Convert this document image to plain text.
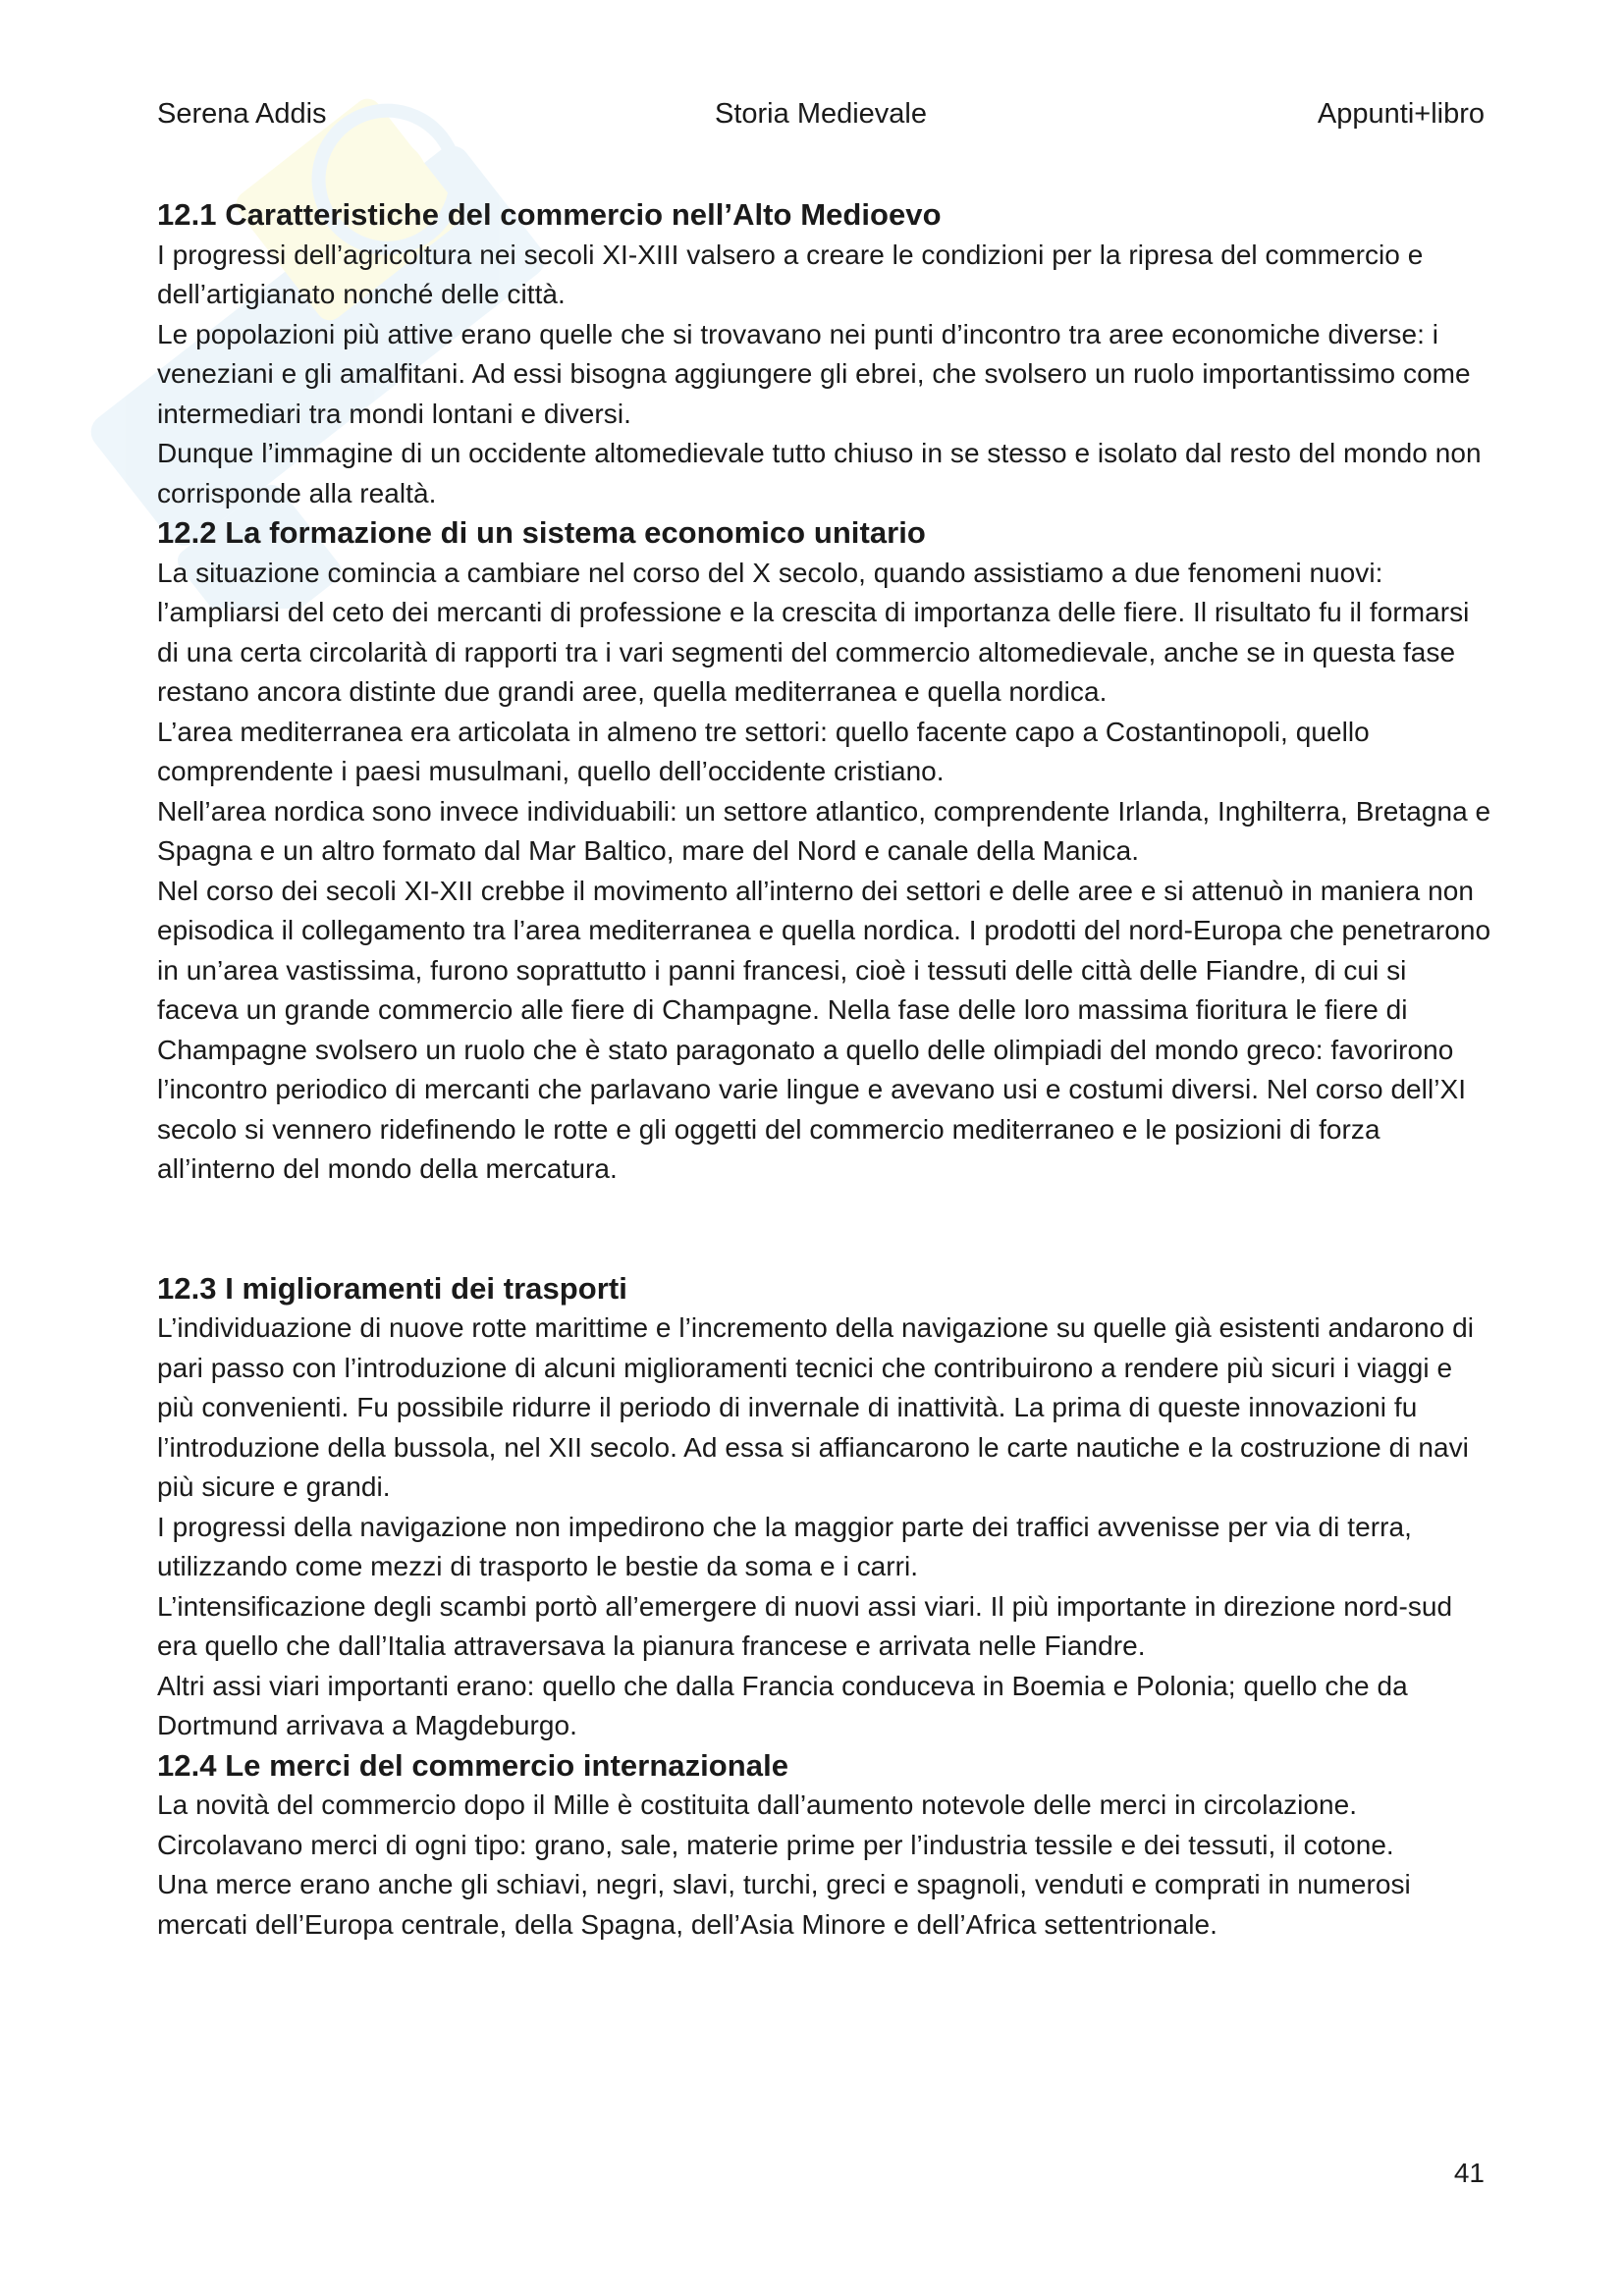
Serena Addis	Storia Medievale	Appunti+libro

12.1 Caratteristiche del commercio nell’Alto Medioevo

I progressi dell’agricoltura nei secoli XI-XIII valsero a creare le condizioni per la ripresa del commercio e dell’artigianato nonché delle città.

Le popolazioni più attive erano quelle che si trovavano nei punti d’incontro tra aree economiche diverse: i veneziani e gli amalfitani. Ad essi bisogna aggiungere gli ebrei, che svolsero un ruolo importantissimo come intermediari tra mondi lontani e diversi.

Dunque l’immagine di un occidente altomedievale tutto chiuso in se stesso e isolato dal resto del mondo non corrisponde alla realtà.

12.2 La formazione di un sistema economico unitario

La situazione comincia a cambiare nel corso del X secolo, quando assistiamo a due fenomeni nuovi: l’ampliarsi del ceto dei mercanti di professione e la crescita di importanza delle fiere. Il risultato fu il formarsi di una certa circolarità di rapporti tra i vari segmenti del commercio altomedievale, anche se in questa fase restano ancora distinte due grandi aree, quella mediterranea e quella nordica.

L’area mediterranea era articolata in almeno tre settori: quello facente capo a Costantinopoli, quello comprendente i paesi musulmani, quello dell’occidente cristiano.

Nell’area nordica sono invece individuabili: un settore atlantico, comprendente Irlanda, Inghilterra, Bretagna e Spagna e un altro formato dal Mar Baltico, mare del Nord e canale della Manica.

Nel corso dei secoli XI-XII crebbe il movimento all’interno dei settori e delle aree e si attenuò in maniera non episodica il collegamento tra l’area mediterranea e quella nordica. I prodotti del nord-Europa che penetrarono in un’area vastissima, furono soprattutto i panni francesi, cioè i tessuti delle città delle Fiandre, di cui si faceva un grande commercio alle fiere di Champagne. Nella fase delle loro massima fioritura le fiere di Champagne svolsero un ruolo che è stato paragonato a quello delle olimpiadi del mondo greco: favorirono l’incontro periodico di mercanti che parlavano varie lingue e avevano usi e costumi diversi. Nel corso dell’XI secolo si vennero ridefinendo le rotte e gli oggetti del commercio mediterraneo e le posizioni di forza all’interno del mondo della mercatura.

12.3 I miglioramenti dei trasporti

L’individuazione di nuove rotte marittime e l’incremento della navigazione su quelle già esistenti andarono di pari passo con l’introduzione di alcuni miglioramenti tecnici che contribuirono a rendere più sicuri i viaggi e più convenienti. Fu possibile ridurre il periodo di invernale di inattività. La prima di queste innovazioni fu l’introduzione della bussola, nel XII secolo. Ad essa si affiancarono le carte nautiche e la costruzione di navi più sicure e grandi.

I progressi della navigazione non impedirono che la maggior parte dei traffici avvenisse per via di terra, utilizzando come mezzi di trasporto le bestie da soma e i carri.

L’intensificazione degli scambi portò all’emergere di nuovi assi viari. Il più importante in direzione nord-sud era quello che dall’Italia attraversava la pianura francese e arrivata nelle Fiandre.

Altri assi viari importanti erano: quello che dalla Francia conduceva in Boemia e Polonia; quello che da Dortmund arrivava a Magdeburgo.

12.4 Le merci del commercio internazionale

La novità del commercio dopo il Mille è costituita dall’aumento notevole delle merci in circolazione.

Circolavano merci di ogni tipo: grano, sale, materie prime per l’industria tessile e dei tessuti, il cotone.

Una merce erano anche gli schiavi, negri, slavi, turchi, greci e spagnoli, venduti e comprati in numerosi mercati dell’Europa centrale, della Spagna, dell’Asia Minore e dell’Africa settentrionale.

41
